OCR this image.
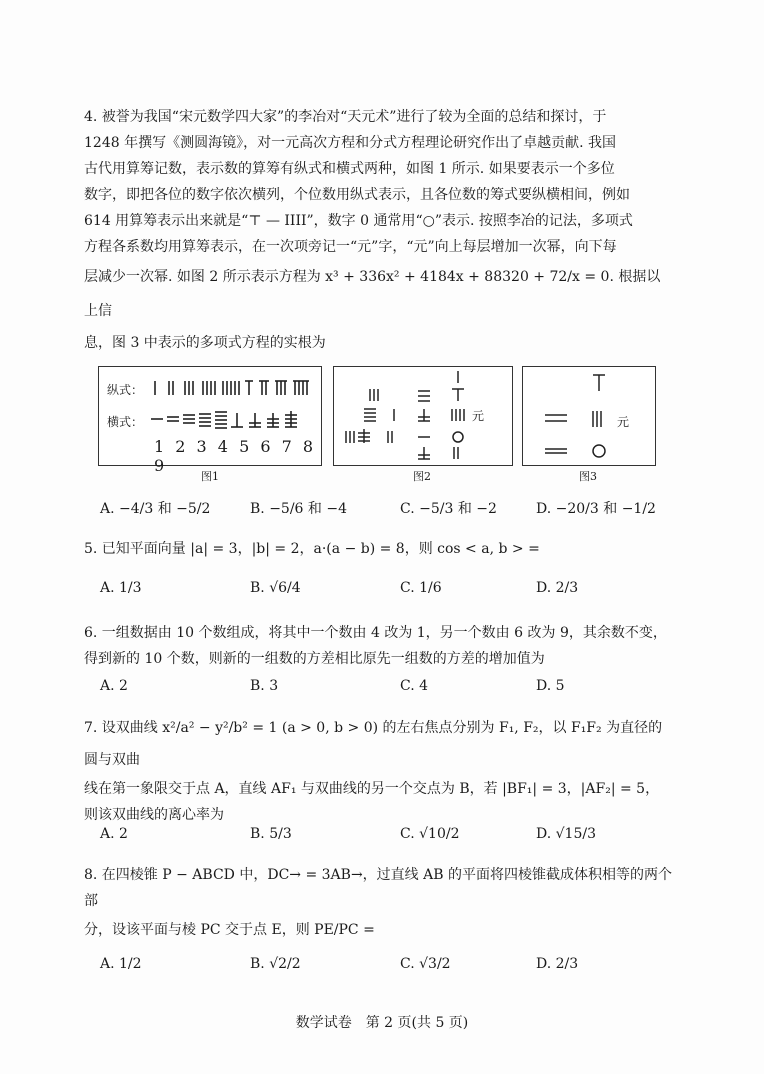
4. 被誉为我国“宋元数学四大家”的李冶对“天元术”进行了较为全面的总结和探讨，于

1248 年撰写《测圆海镜》，对一元高次方程和分式方程理论研究作出了卓越贡献. 我国

古代用算筹记数，表示数的算筹有纵式和横式两种，如图 1 所示. 如果要表示一个多位

数字，即把各位的数字依次横列，个位数用纵式表示，且各位数的筹式要纵横相间，例如

614 用算筹表示出来就是“⊤ — ⅠⅠⅠⅠ”，数字 0 通常用“○”表示. 按照李冶的记法，多项式

方程各系数均用算筹表示，在一次项旁记一“元”字，“元”向上每层增加一次幂，向下每

层减少一次幂. 如图 2 所示表示方程为 x³ + 336x² + 4184x + 88320 + 72/x = 0. 根据以上信

息，图 3 中表示的多项式方程的实根为

纵式：
横式：
1 2 3 4 5 6 7 8 9
图1
元
图2
元
图3
A. −4/3 和 −5/2	B. −5/6 和 −4	C. −5/3 和 −2	D. −20/3 和 −1/2

5. 已知平面向量 |a| = 3，|b| = 2，a·(a − b) = 8，则 cos < a, b > =

A. 1/3	B. √6/4	C. 1/6	D. 2/3

6. 一组数据由 10 个数组成，将其中一个数由 4 改为 1，另一个数由 6 改为 9，其余数不变，

得到新的 10 个数，则新的一组数的方差相比原先一组数的方差的增加值为

A. 2	B. 3	C. 4	D. 5

7. 设双曲线 x²/a² − y²/b² = 1 (a > 0, b > 0) 的左右焦点分别为 F₁, F₂，以 F₁F₂ 为直径的圆与双曲

线在第一象限交于点 A，直线 AF₁ 与双曲线的另一个交点为 B，若 |BF₁| = 3，|AF₂| = 5，

则该双曲线的离心率为

A. 2	B. 5/3	C. √10/2	D. √15/3

8. 在四棱锥 P − ABCD 中，DC→ = 3AB→，过直线 AB 的平面将四棱锥截成体积相等的两个部

分，设该平面与棱 PC 交于点 E，则 PE/PC =

A. 1/2	B. √2/2	C. √3/2	D. 2/3
数学试卷　第 2 页(共 5 页)
